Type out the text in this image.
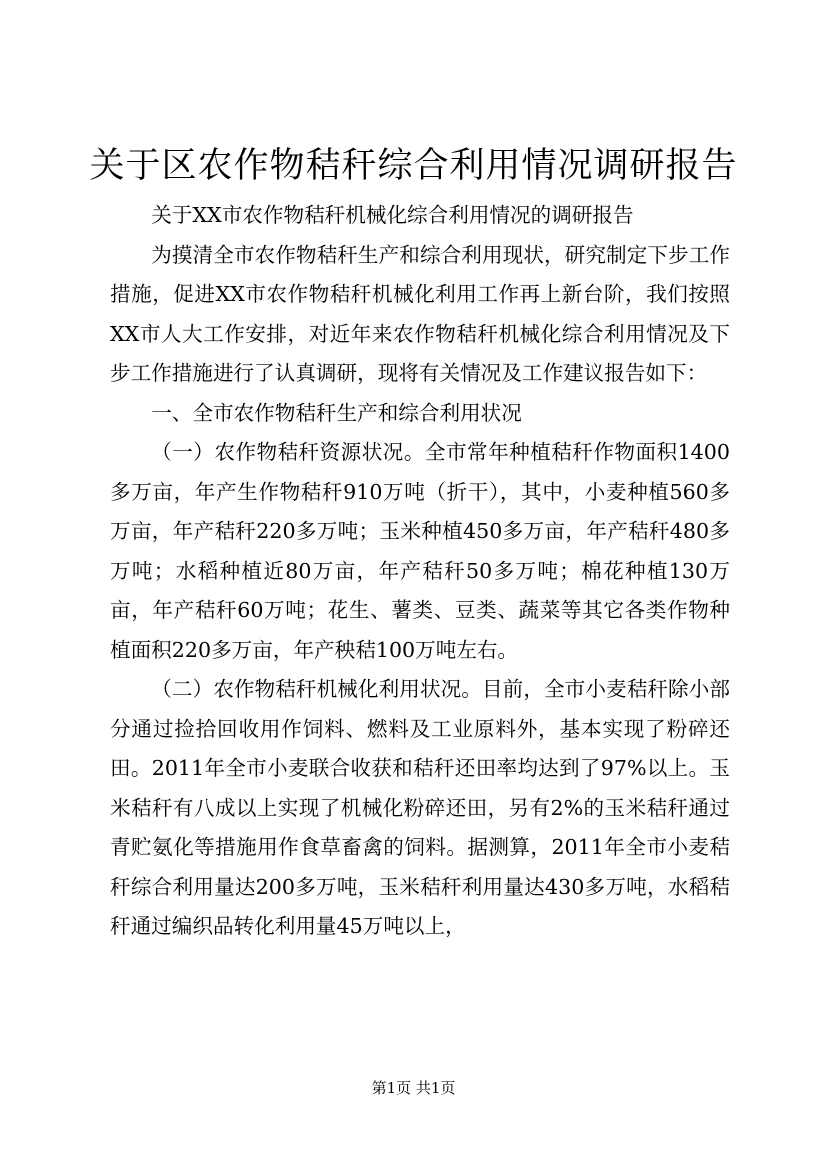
关于区农作物秸秆综合利用情况调研报告

关于XX市农作物秸秆机械化综合利用情况的调研报告

为摸清全市农作物秸秆生产和综合利用现状，研究制定下步工作措施，促进XX市农作物秸秆机械化利用工作再上新台阶，我们按照XX市人大工作安排，对近年来农作物秸秆机械化综合利用情况及下步工作措施进行了认真调研，现将有关情况及工作建议报告如下：

一、全市农作物秸秆生产和综合利用状况

（一）农作物秸秆资源状况。全市常年种植秸秆作物面积1400多万亩，年产生作物秸秆910万吨（折干），其中，小麦种植560多万亩，年产秸秆220多万吨；玉米种植450多万亩，年产秸秆480多万吨；水稻种植近80万亩，年产秸秆50多万吨；棉花种植130万亩，年产秸秆60万吨；花生、薯类、豆类、蔬菜等其它各类作物种植面积220多万亩，年产秧秸100万吨左右。

（二）农作物秸秆机械化利用状况。目前，全市小麦秸秆除小部分通过捡拾回收用作饲料、燃料及工业原料外，基本实现了粉碎还田。2011年全市小麦联合收获和秸秆还田率均达到了97%以上。玉米秸秆有八成以上实现了机械化粉碎还田，另有2%的玉米秸秆通过青贮氨化等措施用作食草畜禽的饲料。据测算，2011年全市小麦秸秆综合利用量达200多万吨，玉米秸秆利用量达430多万吨，水稻秸秆通过编织品转化利用量45万吨以上，

第1页 共1页
